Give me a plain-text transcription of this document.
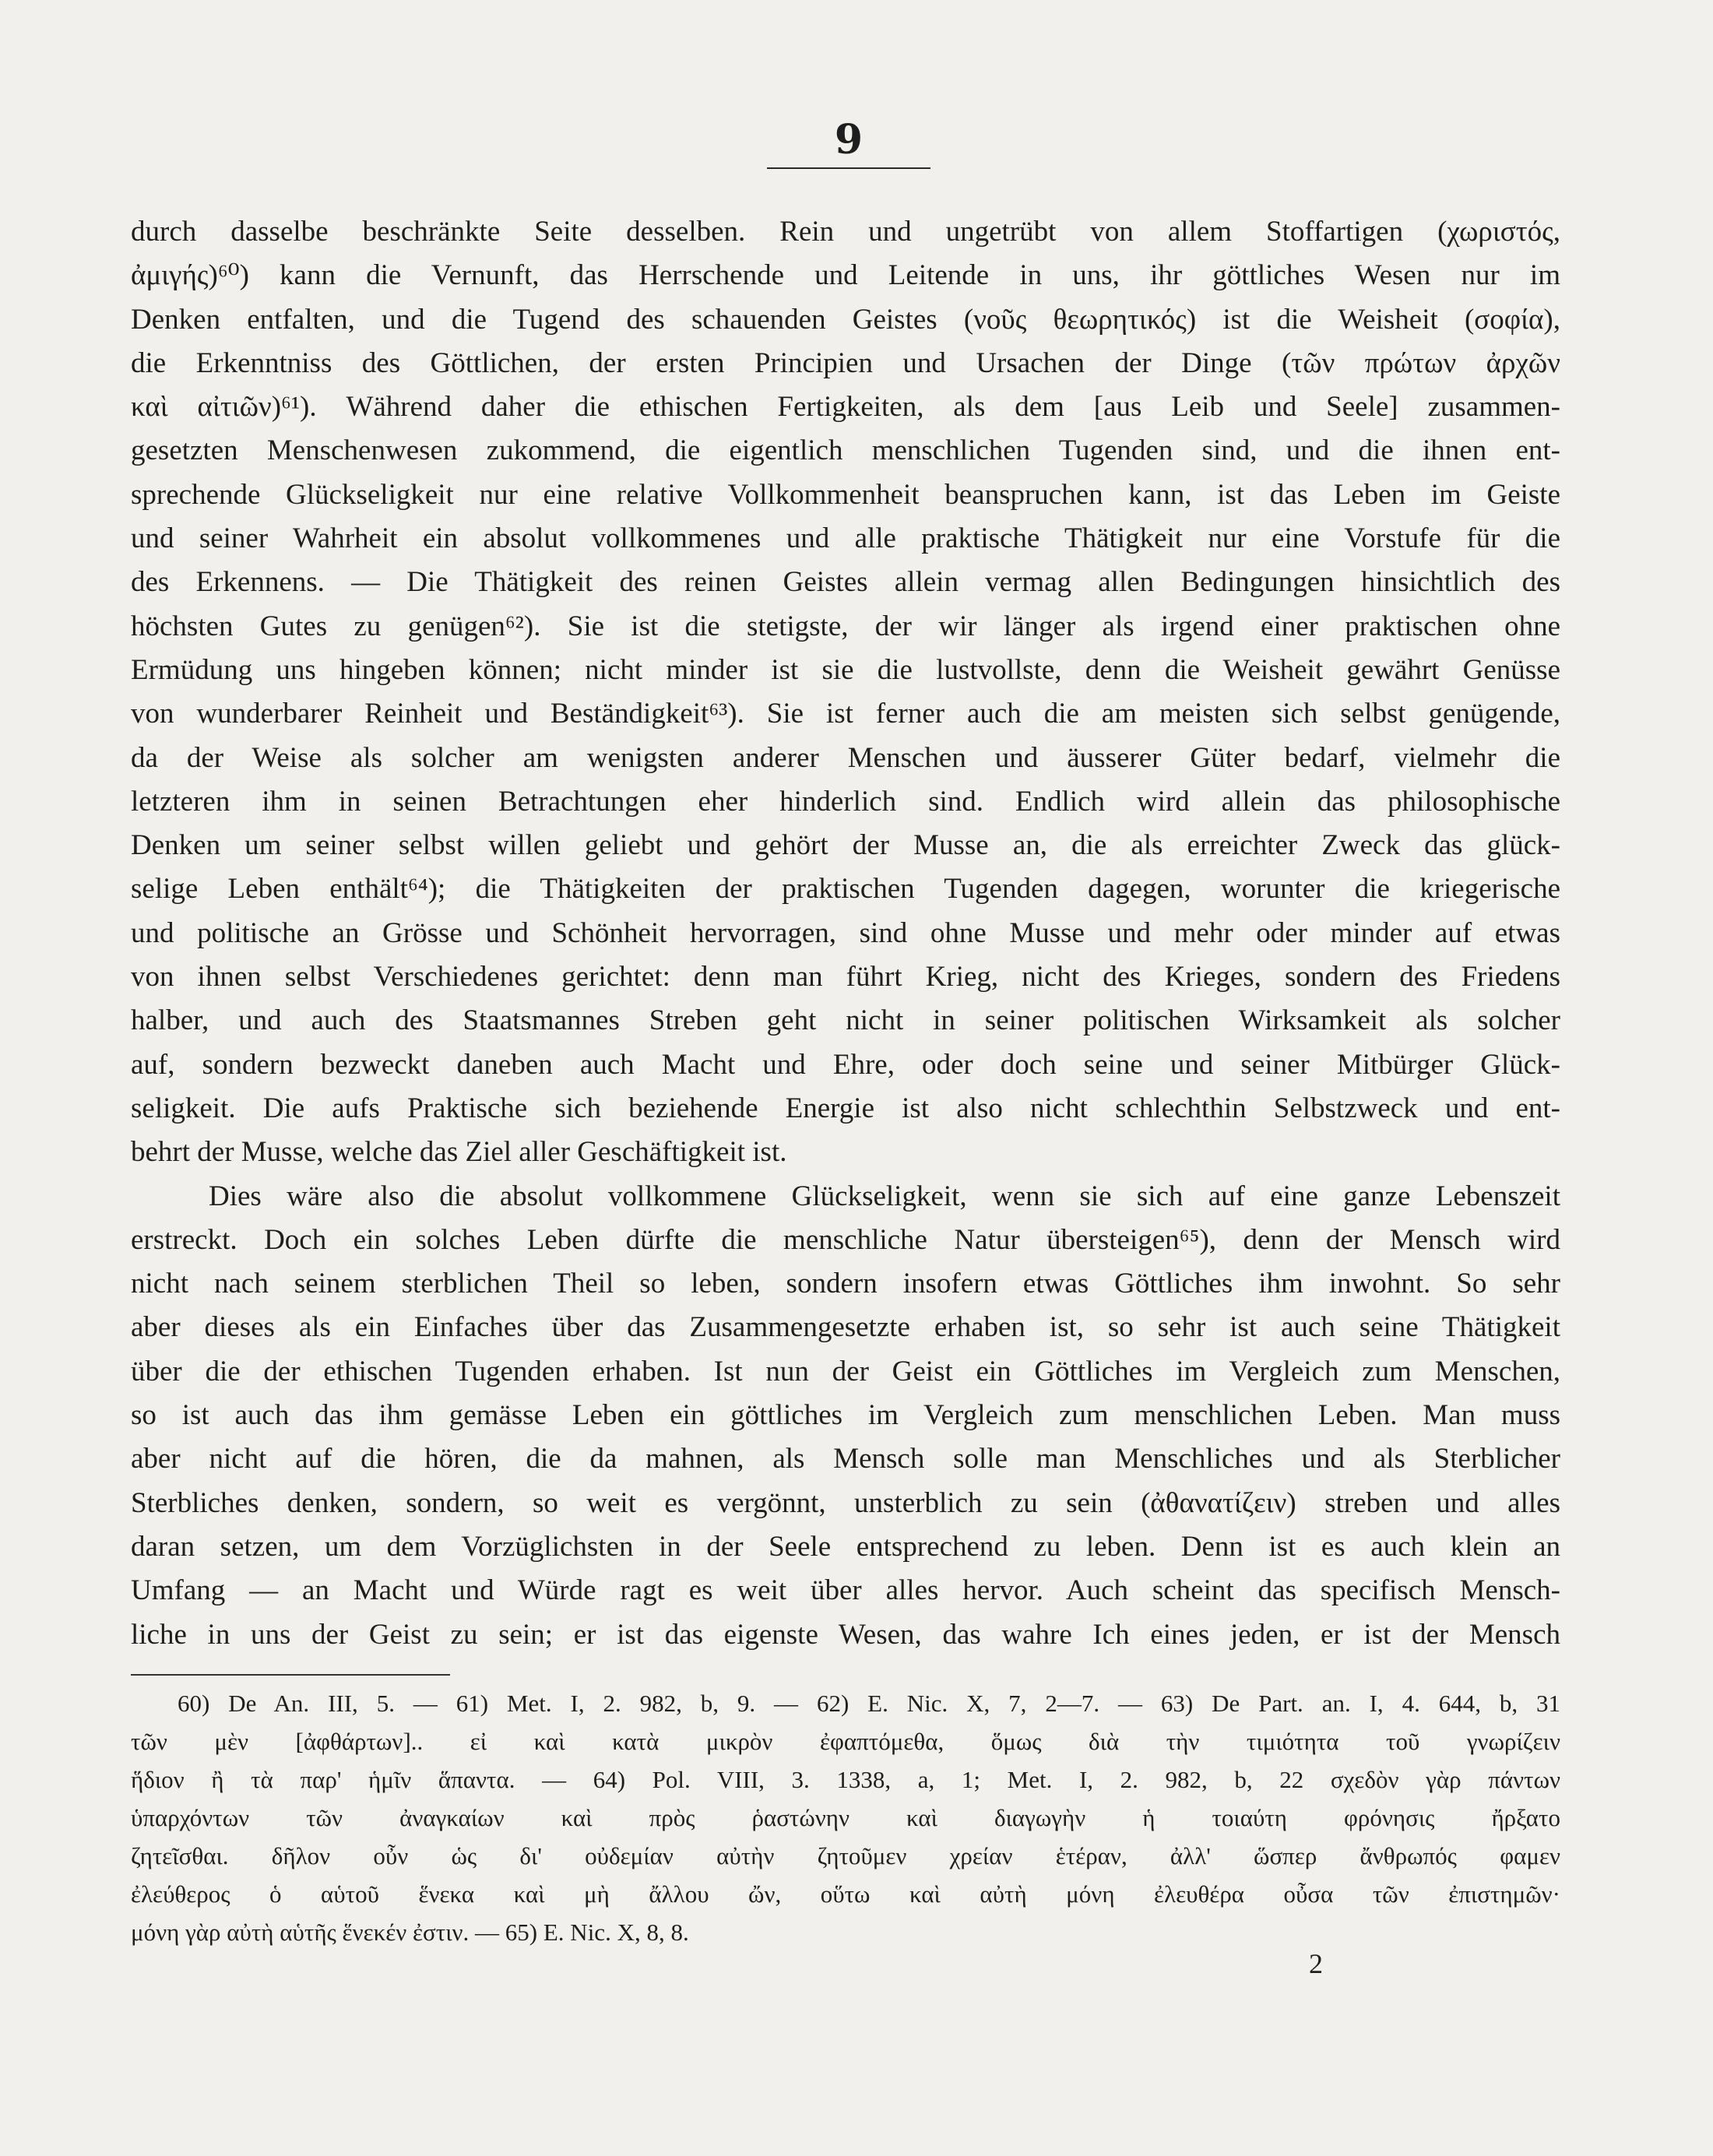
9
durch dasselbe beschränkte Seite desselben. Rein und ungetrübt von allem Stoffartigen (χωριστός,
ἀμιγής)⁶⁰) kann die Vernunft, das Herrschende und Leitende in uns, ihr göttliches Wesen nur im
Denken entfalten, und die Tugend des schauenden Geistes (νοῦς θεωρητικός) ist die Weisheit (σοφία),
die Erkenntniss des Göttlichen, der ersten Principien und Ursachen der Dinge (τῶν πρώτων ἀρχῶν
καὶ αἰτιῶν)⁶¹). Während daher die ethischen Fertigkeiten, als dem [aus Leib und Seele] zusammen-
gesetzten Menschenwesen zukommend, die eigentlich menschlichen Tugenden sind, und die ihnen ent-
sprechende Glückseligkeit nur eine relative Vollkommenheit beanspruchen kann, ist das Leben im Geiste
und seiner Wahrheit ein absolut vollkommenes und alle praktische Thätigkeit nur eine Vorstufe für die
des Erkennens. — Die Thätigkeit des reinen Geistes allein vermag allen Bedingungen hinsichtlich des
höchsten Gutes zu genügen⁶²). Sie ist die stetigste, der wir länger als irgend einer praktischen ohne
Ermüdung uns hingeben können; nicht minder ist sie die lustvollste, denn die Weisheit gewährt Genüsse
von wunderbarer Reinheit und Beständigkeit⁶³). Sie ist ferner auch die am meisten sich selbst genügende,
da der Weise als solcher am wenigsten anderer Menschen und äusserer Güter bedarf, vielmehr die
letzteren ihm in seinen Betrachtungen eher hinderlich sind. Endlich wird allein das philosophische
Denken um seiner selbst willen geliebt und gehört der Musse an, die als erreichter Zweck das glück-
selige Leben enthält⁶⁴); die Thätigkeiten der praktischen Tugenden dagegen, worunter die kriegerische
und politische an Grösse und Schönheit hervorragen, sind ohne Musse und mehr oder minder auf etwas
von ihnen selbst Verschiedenes gerichtet: denn man führt Krieg, nicht des Krieges, sondern des Friedens
halber, und auch des Staatsmannes Streben geht nicht in seiner politischen Wirksamkeit als solcher
auf, sondern bezweckt daneben auch Macht und Ehre, oder doch seine und seiner Mitbürger Glück-
seligkeit. Die aufs Praktische sich beziehende Energie ist also nicht schlechthin Selbstzweck und ent-
behrt der Musse, welche das Ziel aller Geschäftigkeit ist.
Dies wäre also die absolut vollkommene Glückseligkeit, wenn sie sich auf eine ganze Lebenszeit
erstreckt. Doch ein solches Leben dürfte die menschliche Natur übersteigen⁶⁵), denn der Mensch wird
nicht nach seinem sterblichen Theil so leben, sondern insofern etwas Göttliches ihm inwohnt. So sehr
aber dieses als ein Einfaches über das Zusammengesetzte erhaben ist, so sehr ist auch seine Thätigkeit
über die der ethischen Tugenden erhaben. Ist nun der Geist ein Göttliches im Vergleich zum Menschen,
so ist auch das ihm gemässe Leben ein göttliches im Vergleich zum menschlichen Leben. Man muss
aber nicht auf die hören, die da mahnen, als Mensch solle man Menschliches und als Sterblicher
Sterbliches denken, sondern, so weit es vergönnt, unsterblich zu sein (ἀθανατίζειν) streben und alles
daran setzen, um dem Vorzüglichsten in der Seele entsprechend zu leben. Denn ist es auch klein an
Umfang — an Macht und Würde ragt es weit über alles hervor. Auch scheint das specifisch Mensch-
liche in uns der Geist zu sein; er ist das eigenste Wesen, das wahre Ich eines jeden, er ist der Mensch
60) De An. III, 5. — 61) Met. I, 2. 982, b, 9. — 62) E. Nic. X, 7, 2—7. — 63) De Part. an. I, 4. 644, b, 31
τῶν μὲν [ἀφθάρτων].. εἰ καὶ κατὰ μικρὸν ἐφαπτόμεθα, ὅμως διὰ τὴν τιμιότητα τοῦ γνωρίζειν
ἥδιον ἢ τὰ παρ' ἡμῖν ἅπαντα. — 64) Pol. VIII, 3. 1338, a, 1; Met. I, 2. 982, b, 22 σχεδὸν γὰρ πάντων
ὑπαρχόντων τῶν ἀναγκαίων καὶ πρὸς ῥαστώνην καὶ διαγωγὴν ἡ τοιαύτη φρόνησις ἤρξατο
ζητεῖσθαι. δῆλον οὖν ὡς δι' οὐδεμίαν αὐτὴν ζητοῦμεν χρείαν ἑτέραν, ἀλλ' ὥσπερ ἄνθρωπός φαμεν
ἐλεύθερος ὁ αὑτοῦ ἕνεκα καὶ μὴ ἄλλου ὤν, οὕτω καὶ αὐτὴ μόνη ἐλευθέρα οὖσα τῶν ἐπιστημῶν·
μόνη γὰρ αὐτὴ αὑτῆς ἕνεκέν ἐστιν. — 65) E. Nic. X, 8, 8.
2
